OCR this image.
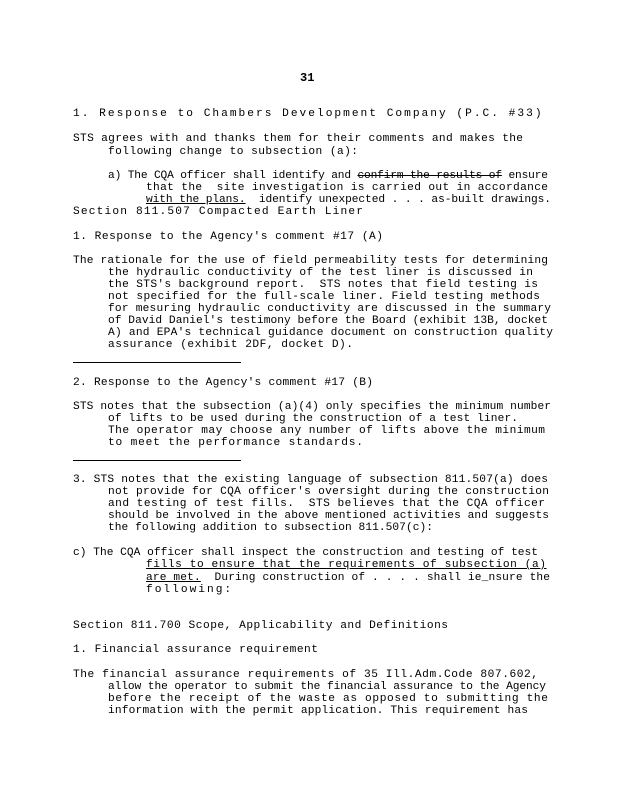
31
1. Response to Chambers Development Company (P.C. #33)
STS agrees with and thanks them for their comments and makes the
following change to subsection (a):
a) The CQA officer shall identify and confirm the results of ensure
that the  site investigation is carried out in accordance
with the plans.  identify unexpected . . . as-built drawings.
Section 811.507 Compacted Earth Liner
1. Response to the Agency's comment #17 (A)
The rationale for the use of field permeability tests for determining
the hydraulic conductivity of the test liner is discussed in
the STS's background report.  STS notes that field testing is
not specified for the full-scale liner. Field testing methods
for mesuring hydraulic conductivity are discussed in the summary
of David Daniel's testimony before the Board (exhibit 13B, docket
A) and EPA's technical guidance document on construction quality
assurance (exhibit 2DF, docket D).
2. Response to the Agency's comment #17 (B)
STS notes that the subsection (a)(4) only specifies the minimum number
of lifts to be used during the construction of a test liner.
The operator may choose any number of lifts above the minimum
to meet the performance standards.
3. STS notes that the existing language of subsection 811.507(a) does
not provide for CQA officer's oversight during the construction
and testing of test fills.  STS believes that the CQA officer
should be involved in the above mentioned activities and suggests
the following addition to subsection 811.507(c):
c) The CQA officer shall inspect the construction and testing of test
fills to ensure that the requirements of subsection (a)
are met.  During construction of . . . . shall ie_nsure the
following:
Section 811.700 Scope, Applicability and Definitions
1. Financial assurance requirement
The financial assurance requirements of 35 Ill.Adm.Code 807.602,
allow the operator to submit the financial assurance to the Agency
before the receipt of the waste as opposed to submitting the
information with the permit application. This requirement has
